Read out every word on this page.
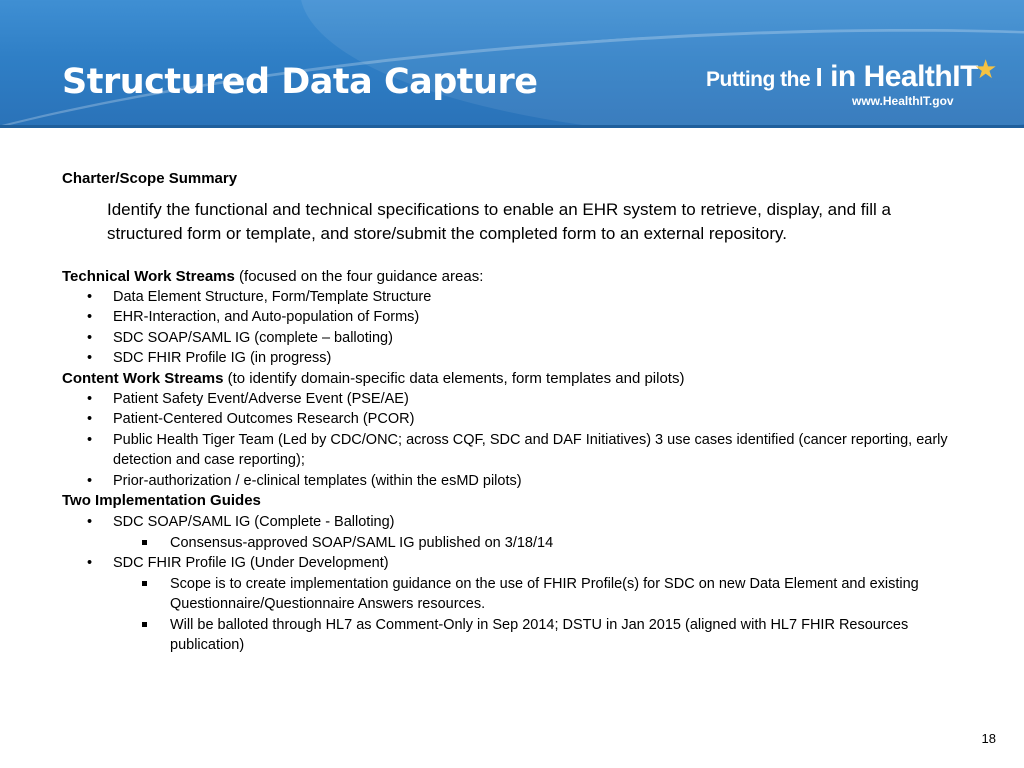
Structured Data Capture	Putting the I in HealthIT
★
www.HealthIT.gov

Charter/Scope Summary

Identify the functional and technical specifications to enable an EHR system to retrieve, display, and fill a structured form or template, and store/submit the completed form to an external repository.

Technical Work Streams (focused on the four guidance areas:

• Data Element Structure, Form/Template Structure

• EHR-Interaction, and Auto-population of Forms)

• SDC SOAP/SAML IG (complete – balloting)

• SDC FHIR Profile IG (in progress)

Content Work Streams (to identify domain-specific data elements, form templates and pilots)

• Patient Safety Event/Adverse Event (PSE/AE)

• Patient-Centered Outcomes Research (PCOR)

• Public Health Tiger Team (Led by CDC/ONC; across CQF, SDC and DAF Initiatives) 3 use cases identified (cancer reporting, early detection and case reporting);

• Prior-authorization / e-clinical templates (within the esMD pilots)

Two Implementation Guides

• SDC SOAP/SAML IG (Complete - Balloting)

Consensus-approved SOAP/SAML IG published on 3/18/14

• SDC FHIR Profile IG (Under Development)

Scope is to create implementation guidance on the use of FHIR Profile(s) for SDC on new Data Element and existing Questionnaire/Questionnaire Answers resources.

Will be balloted through HL7 as Comment-Only in Sep 2014; DSTU in Jan 2015 (aligned with HL7 FHIR Resources publication)

18
